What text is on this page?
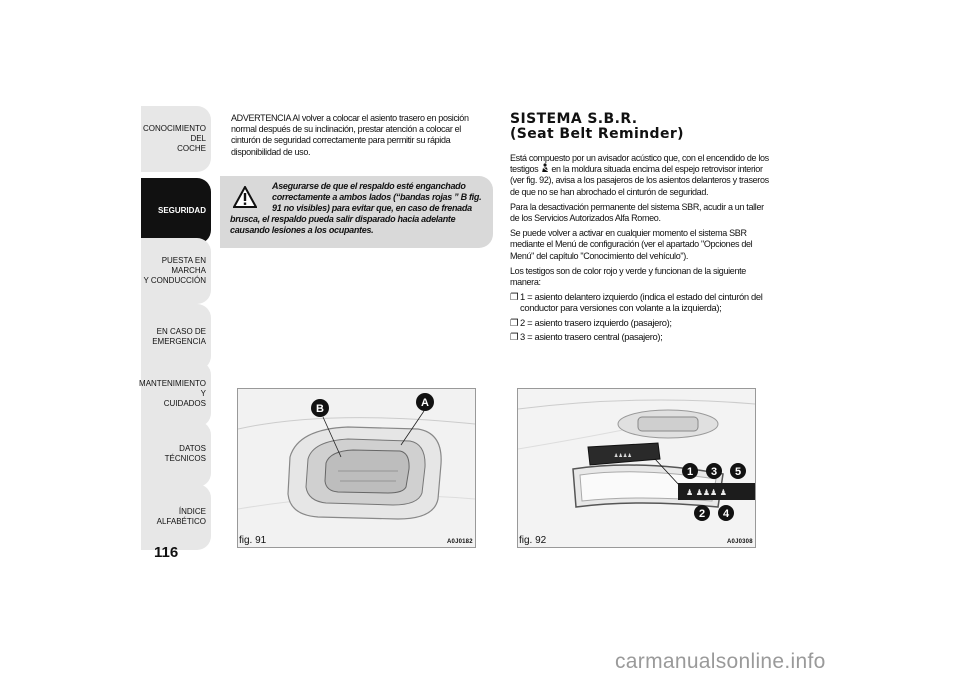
CONOCIMIENTO DEL
COCHE
SEGURIDAD
PUESTA EN MARCHA
Y CONDUCCIÓN
EN CASO DE
EMERGENCIA
MANTENIMIENTO Y
CUIDADOS
DATOS TÉCNICOS
ÍNDICE ALFABÉTICO
116

ADVERTENCIA Al volver a colocar el asiento trasero en posición normal después de su inclinación, prestar atención a colocar el cinturón de seguridad correctamente para permitir su rápida disponibilidad de uso.

Asegurarse de que el respaldo esté enganchado
correctamente a ambos lados (“bandas rojas ” B fig.
91 no visibles) para evitar que, en caso de frenada
brusca, el respaldo pueda salir disparado hacia adelante
causando lesiones a los ocupantes.
B	A
fig. 91	A0J0182
SISTEMA S.B.R.
(Seat Belt Reminder)

Está compuesto por un avisador acústico que, con el encendido de los testigos en la moldura situada encima del espejo retrovisor interior (ver fig. 92), avisa a los pasajeros de los asientos delanteros y traseros de que no se han abrochado el cinturón de seguridad.

Para la desactivación permanente del sistema SBR, acudir a un taller de los Servicios Autorizados Alfa Romeo.

Se puede volver a activar en cualquier momento el sistema SBR mediante el Menú de configuración (ver el apartado "Opciones del Menú" del capítulo "Conocimiento del vehículo").

Los testigos son de color rojo y verde y funcionan de la siguiente manera:

❐ 1 = asiento delantero izquierdo (indica el estado del cinturón del conductor para versiones con volante a la izquierda);
❐ 2 = asiento trasero izquierdo (pasajero);
❐ 3 = asiento trasero central (pasajero);
♟♟♟♟
♟ ♟♟♟ ♟
1 3 5
2 4
fig. 92	A0J0308
carmanualsonline.info
